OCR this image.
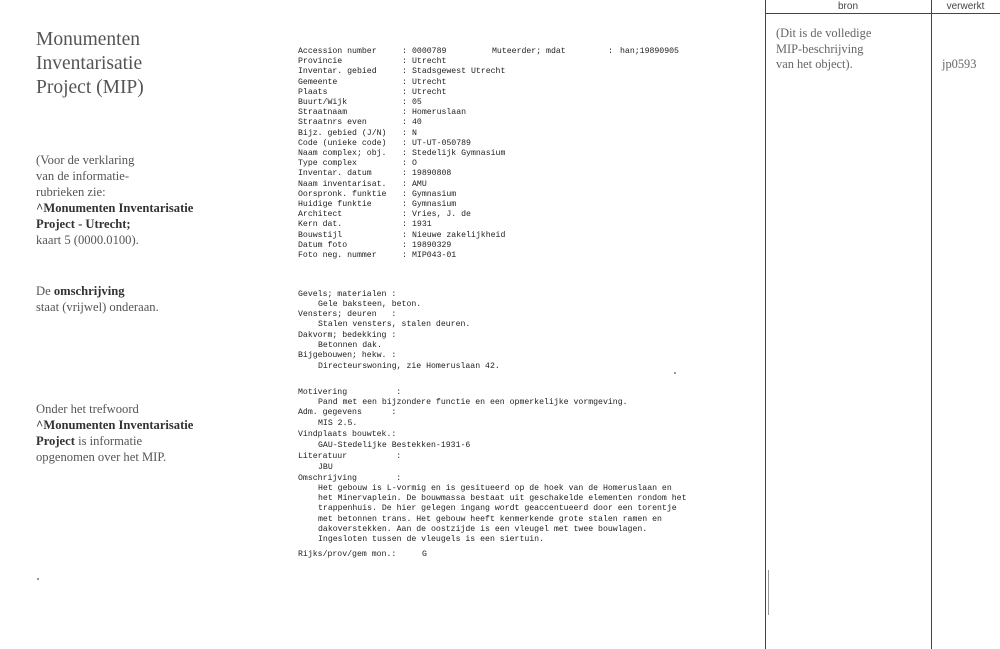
Monumenten
Inventarisatie
Project (MIP)

(Voor de verklaring

van de informatie-

rubrieken zie:

^Monumenten Inventarisatie

Project - Utrecht;

kaart 5 (0000.0100).

De omschrijving

staat (vrijwel) onderaan.

Onder het trefwoord

^Monumenten Inventarisatie

Project is informatie

opgenomen over het MIP.

Accession number	: 0000789
Provincie	: Utrecht
Inventar. gebied	: Stadsgewest Utrecht
Gemeente	: Utrecht
Plaats	: Utrecht
Buurt/Wijk	: 05
Straatnaam	: Homeruslaan
Straatnrs even	: 40
Bijz. gebied (J/N) : N
Code (unieke code) : UT-UT-050789
Naam complex; obj. : Stedelijk Gymnasium
Type complex	: O
Inventar. datum	: 19890808
Naam inventarisat. : AMU
Oorspronk. funktie : Gymnasium
Huidige funktie	: Gymnasium
Architect	: Vries, J. de
Kern dat.	: 1931
Bouwstijl	: Nieuwe zakelijkheid
Datum foto	: 19890329
Foto neg. nummer	: MIP043-01
Muteerder; mdat	: han;19890905
Gevels; materialen :
Gele baksteen, beton.
Vensters; deuren   :
Stalen vensters, stalen deuren.
Dakvorm; bedekking :
Betonnen dak.
Bijgebouwen; hekw. :
Directeurswoning, zie Homeruslaan 42.
Motivering          :
Pand met een bijzondere functie en een opmerkelijke vormgeving.
Adm. gegevens      :
MIS 2.5.
Vindplaats bouwtek.:
GAU-Stedelijke Bestekken-1931-6
Literatuur          :
JBU
Omschrijving        :
Het gebouw is L-vormig en is gesitueerd op de hoek van de Homeruslaan en
het Minervaplein. De bouwmassa bestaat uit geschakelde elementen rondom het
trappenhuis. De hier gelegen ingang wordt geaccentueerd door een torentje
met betonnen trans. Het gebouw heeft kenmerkende grote stalen ramen en
dakoverstekken. Aan de oostzijde is een vleugel met twee bouwlagen.
Ingesloten tussen de vleugels is een siertuin.
Rijks/prov/gem mon.:	G
bron	verwerkt
(Dit is de volledige
MIP-beschrijving
van het object).	jp0593
